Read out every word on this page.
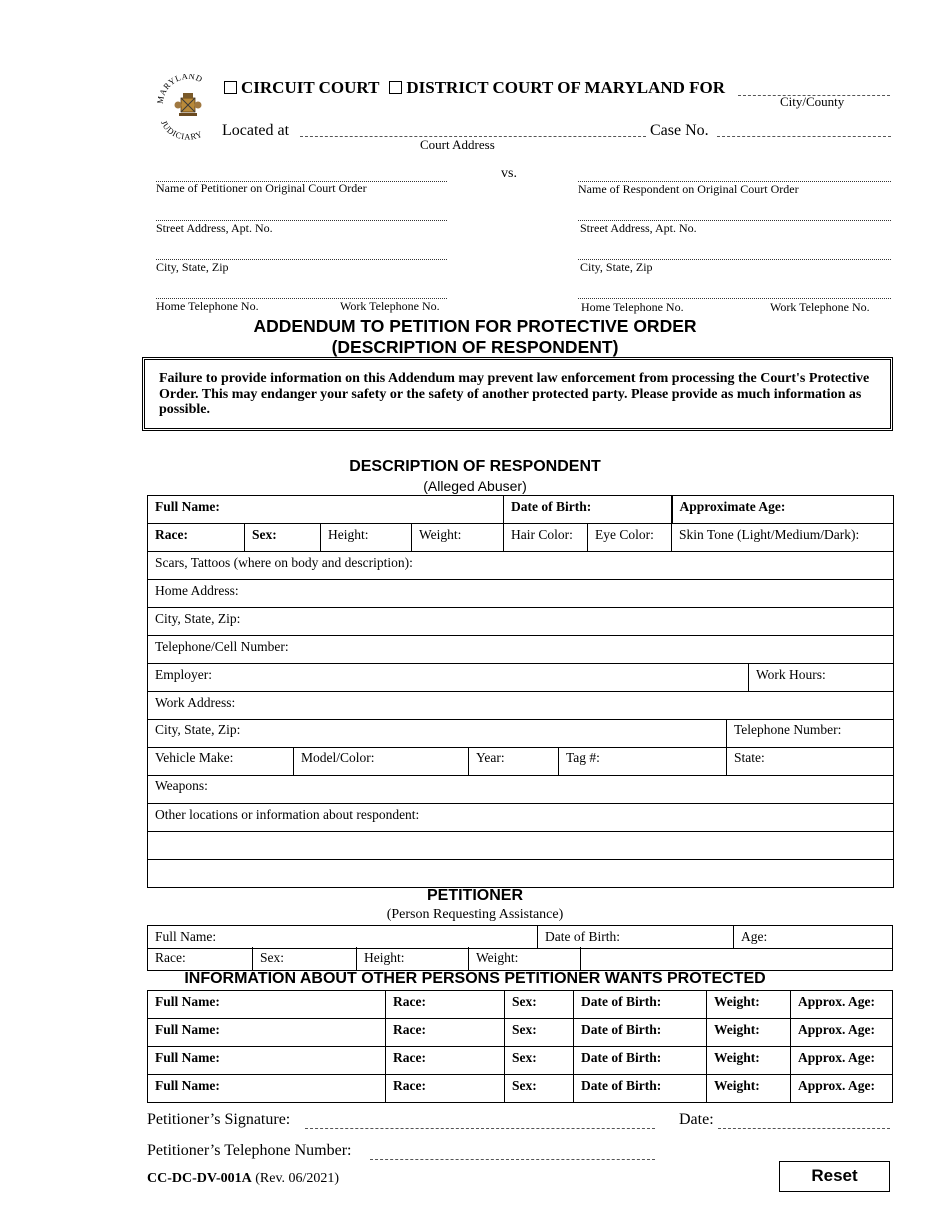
ARYLAND
JUDICIARY
CIRCUIT COURT DISTRICT COURT OF MARYLAND FOR
City/County
Located at
Court Address
Case No.
vs.
Name of Petitioner on Original Court Order	Name of Respondent on Original Court Order
Street Address, Apt. No.	Street Address, Apt. No.
City, State, Zip	City, State, Zip
Home Telephone No.	Work Telephone No.	Home Telephone No.	Work Telephone No.
ADDENDUM TO PETITION FOR PROTECTIVE ORDER
(DESCRIPTION OF RESPONDENT)
Failure to provide information on this Addendum may prevent law enforcement from processing the Court's Protective Order. This may endanger your safety or the safety of another protected party. Please provide as much information as possible.
DESCRIPTION OF RESPONDENT
(Alleged Abuser)
Full Name:				Date of Birth:		Approximate Age:
Race:	Sex:	Height:	Weight:	Hair Color:	Eye Color:	Skin Tone (Light/Medium/Dark):
Scars, Tattoos (where on body and description):						
Home Address:						
City, State, Zip:						
Telephone/Cell Number:						
Employer:	Work Hours:
Work Address:
City, State, Zip:	Telephone Number:
Vehicle Make:	Model/Color:	Year:	Tag #:	State:
Weapons:
Other locations or information about respondent:

PETITIONER
(Person Requesting Assistance)
Full Name:	Date of Birth:	Age:
Race:	Sex:	Height:	Weight:	
INFORMATION ABOUT OTHER PERSONS PETITIONER WANTS PROTECTED
Full Name:	Race:	Sex:	Date of Birth:	Weight:	Approx. Age:
Full Name:	Race:	Sex:	Date of Birth:	Weight:	Approx. Age:
Full Name:	Race:	Sex:	Date of Birth:	Weight:	Approx. Age:
Full Name:	Race:	Sex:	Date of Birth:	Weight:	Approx. Age:
Petitioner’s Signature:	Date:
Petitioner’s Telephone Number:
CC-DC-DV-001A (Rev. 06/2021)	Reset
